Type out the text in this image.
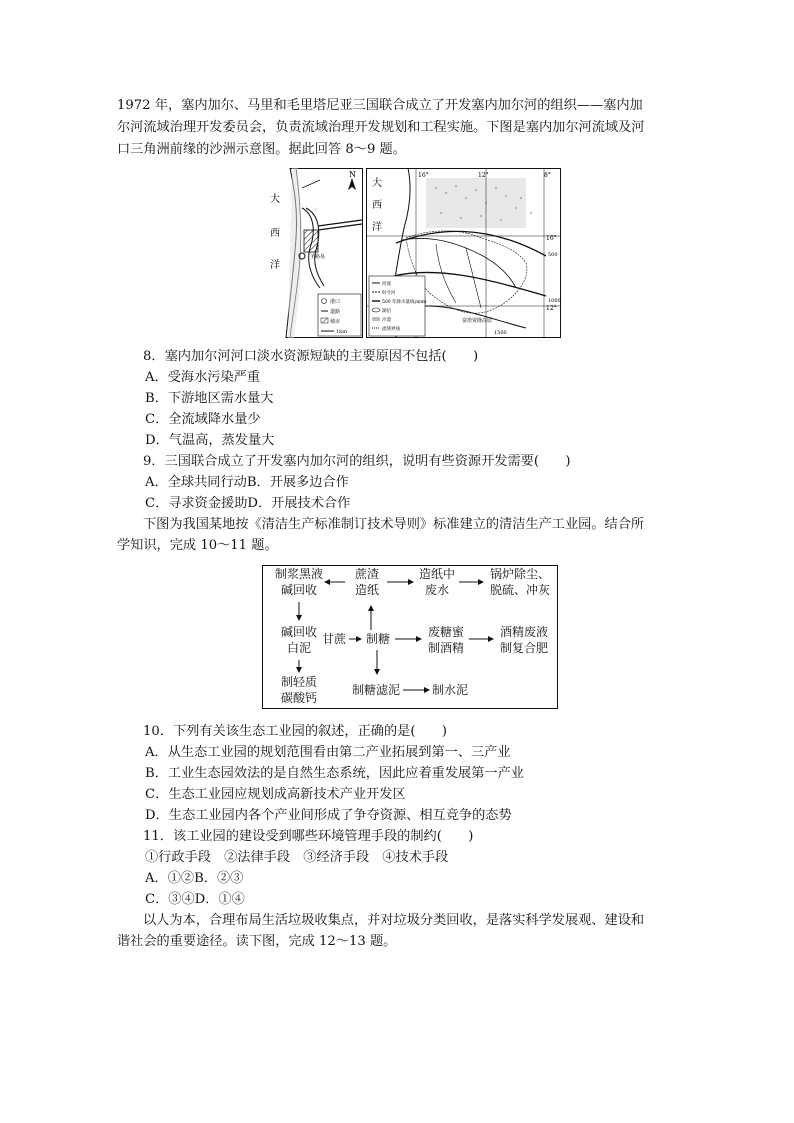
1972 年，塞内加尔、马里和毛里塔尼亚三国联合成立了开发塞内加尔河的组织——塞内加
尔河流域治理开发委员会，负责流域治理开发规划和工程实施。下图是塞内加尔河流域及河
口三角洲前缘的沙洲示意图。据此回答 8～9 题。
N
大
西
洋
圣路易
港口
道路
城市
1km
大
西
洋
16°	12°	8°
16°
12°
500
1000
1500
富塔贾隆高原
河流
时令河
500 年降水量线(mm)
湖泊
沙漠
流域界线
8．塞内加尔河河口淡水资源短缺的主要原因不包括(　　)
A．受海水污染严重
B．下游地区需水量大
C．全流域降水量少
D．气温高，蒸发量大
9．三国联合成立了开发塞内加尔河的组织，说明有些资源开发需要(　　)
A．全球共同行动B．开展多边合作
C．寻求资金援助D．开展技术合作
下图为我国某地按《清洁生产标准制订技术导则》标准建立的清洁生产工业园。结合所
学知识，完成 10～11 题。
制浆黑液
碱回收
蔗渣
造纸
造纸中
废水
锅炉除尘、
脱硫、冲灰
碱回收
白泥
甘蔗	制糖	废糖蜜
制酒精
酒精废液
制复合肥
制轻质
碳酸钙
制糖滤泥	制水泥
10．下列有关该生态工业园的叙述，正确的是(　　)
A．从生态工业园的规划范围看由第二产业拓展到第一、三产业
B．工业生态园效法的是自然生态系统，因此应着重发展第一产业
C．生态工业园应规划成高新技术产业开发区
D．生态工业园内各个产业间形成了争夺资源、相互竞争的态势
11．该工业园的建设受到哪些环境管理手段的制约(　　)
①行政手段　②法律手段　③经济手段　④技术手段
A．①②B．②③
C．③④D．①④
以人为本，合理布局生活垃圾收集点，并对垃圾分类回收，是落实科学发展观、建设和
谐社会的重要途径。读下图，完成 12～13 题。
